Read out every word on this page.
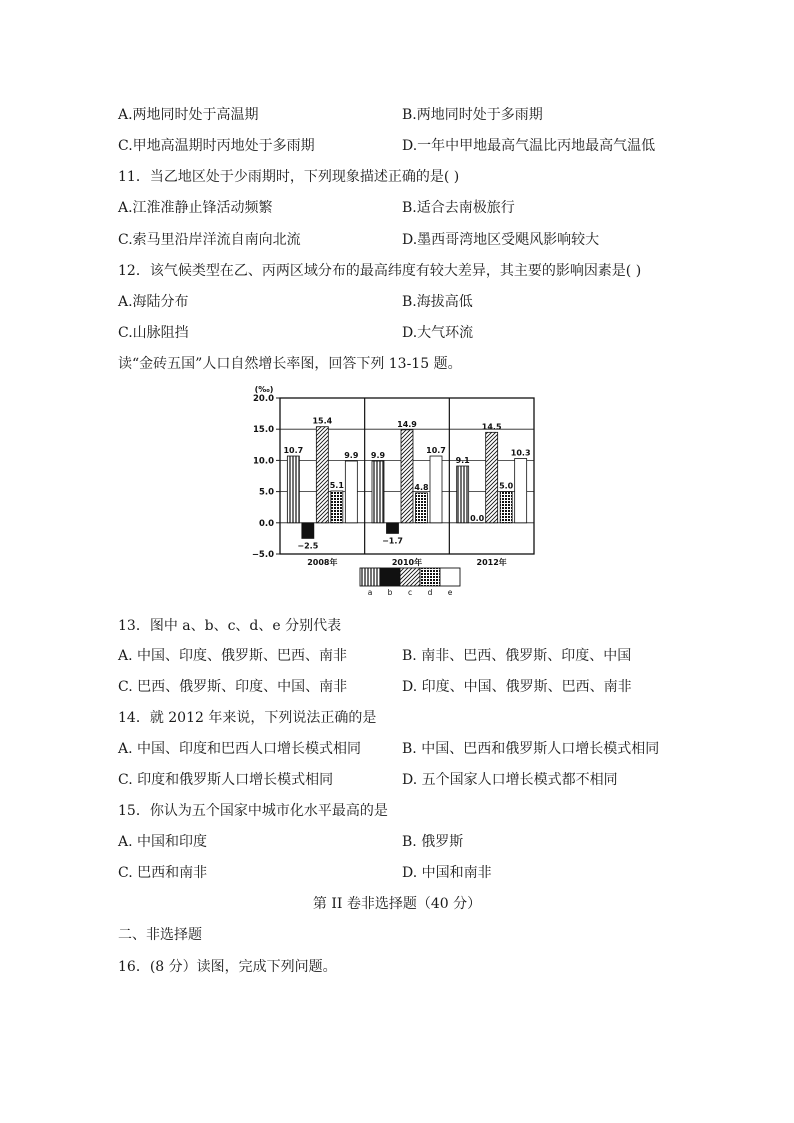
A.两地同时处于高温期	B.两地同时处于多雨期
C.甲地高温期时丙地处于多雨期	D.一年中甲地最高气温比丙地最高气温低
11．当乙地区处于少雨期时，下列现象描述正确的是( )
A.江淮准静止锋活动频繁	B.适合去南极旅行
C.索马里沿岸洋流自南向北流	D.墨西哥湾地区受飓风影响较大
12．该气候类型在乙、丙两区域分布的最高纬度有较大差异，其主要的影响因素是( )
A.海陆分布	B.海拔高低
C.山脉阻挡	D.大气环流
读“金砖五国”人口自然增长率图，回答下列 13-15 题。
20.0
15.0
10.0
5.0
0.0
−5.0
(‰)
10.7
−2.5
15.4
5.1
9.9
2008年
9.9
−1.7
14.9
4.8
10.7
2010年
9.1
0.0
14.5
5.0
10.3
2012年
a b c d e
13．图中 a、b、c、d、e 分别代表
A. 中国、印度、俄罗斯、巴西、南非	B. 南非、巴西、俄罗斯、印度、中国
C. 巴西、俄罗斯、印度、中国、南非	D. 印度、中国、俄罗斯、巴西、南非
14．就 2012 年来说，下列说法正确的是
A. 中国、印度和巴西人口增长模式相同	B. 中国、巴西和俄罗斯人口增长模式相同
C. 印度和俄罗斯人口增长模式相同	D. 五个国家人口增长模式都不相同
15．你认为五个国家中城市化水平最高的是
A. 中国和印度	B. 俄罗斯
C. 巴西和南非	D. 中国和南非
第 II 卷非选择题（40 分）
二、非选择题
16．(8 分）读图，完成下列问题。
